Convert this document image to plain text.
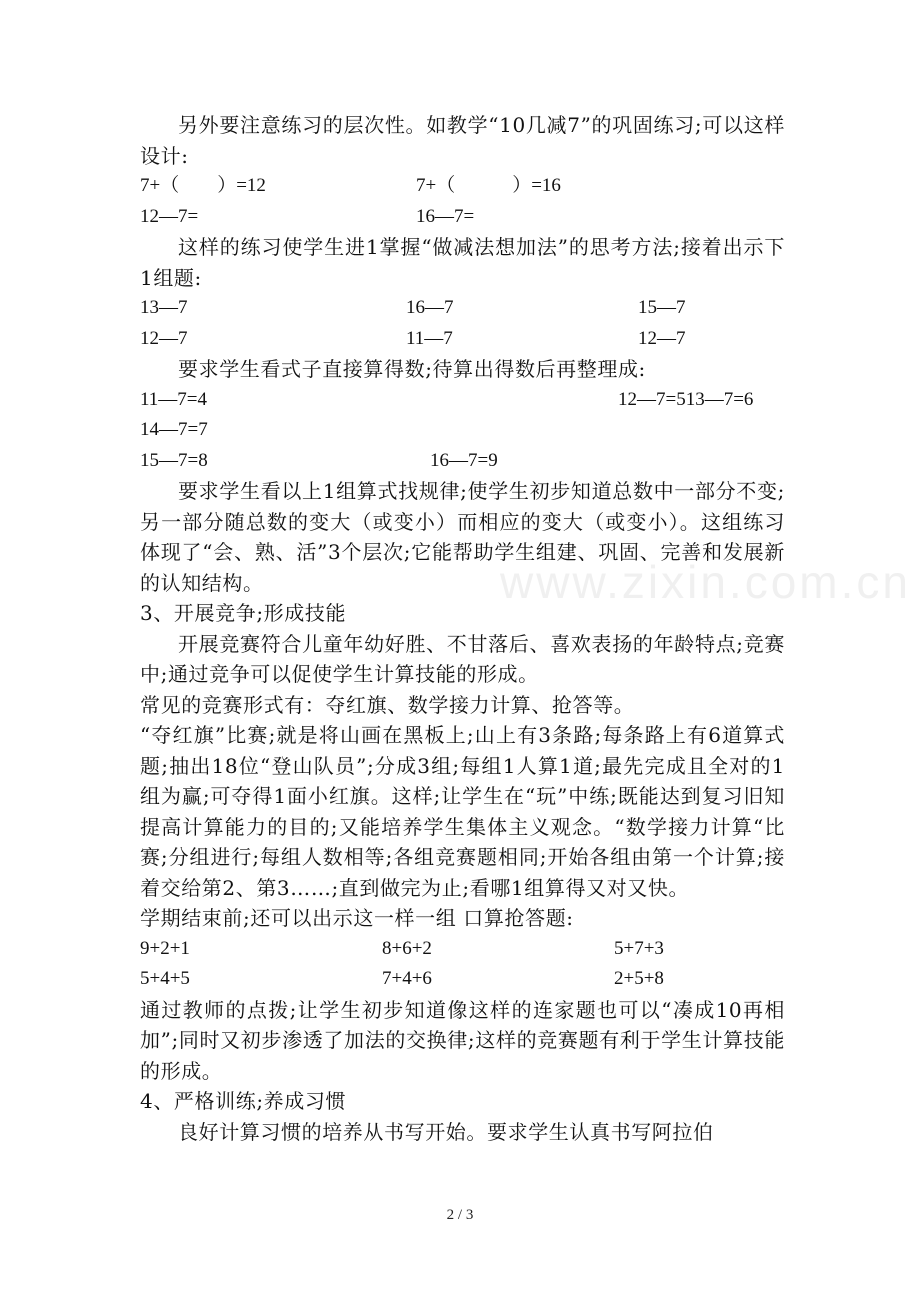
www.zixin.com.cn

另外要注意练习的层次性。如教学“10几减7”的巩固练习;可以这样设计:

7+（　　）=12	7+（　　　）=16
12—7=	16—7=

这样的练习使学生进1掌握“做减法想加法”的思考方法;接着出示下1组题:

13—7	16—7	15—7
12—7	11—7	12—7

要求学生看式子直接算得数;待算出得数后再整理成:

11—7=4	12—7=513—7=6
14—7=7
15—7=8	16—7=9

要求学生看以上1组算式找规律;使学生初步知道总数中一部分不变;另一部分随总数的变大（或变小）而相应的变大（或变小）。这组练习体现了“会、熟、活”3个层次;它能帮助学生组建、巩固、完善和发展新的认知结构。

3、开展竞争;形成技能

开展竞赛符合儿童年幼好胜、不甘落后、喜欢表扬的年龄特点;竞赛中;通过竞争可以促使学生计算技能的形成。

常见的竞赛形式有：夺红旗、数学接力计算、抢答等。

“夺红旗”比赛;就是将山画在黑板上;山上有3条路;每条路上有6道算式题;抽出18位“登山队员”;分成3组;每组1人算1道;最先完成且全对的1组为赢;可夺得1面小红旗。这样;让学生在“玩”中练;既能达到复习旧知提高计算能力的目的;又能培养学生集体主义观念。“数学接力计算“比赛;分组进行;每组人数相等;各组竞赛题相同;开始各组由第一个计算;接着交给第2、第3……;直到做完为止;看哪1组算得又对又快。

学期结束前;还可以出示这一样一组 口算抢答题:

9+2+1	8+6+2	5+7+3
5+4+5	7+4+6	2+5+8

通过教师的点拨;让学生初步知道像这样的连家题也可以“凑成10再相加”;同时又初步渗透了加法的交换律;这样的竞赛题有利于学生计算技能的形成。

4、严格训练;养成习惯

良好计算习惯的培养从书写开始。要求学生认真书写阿拉伯

2 / 3
